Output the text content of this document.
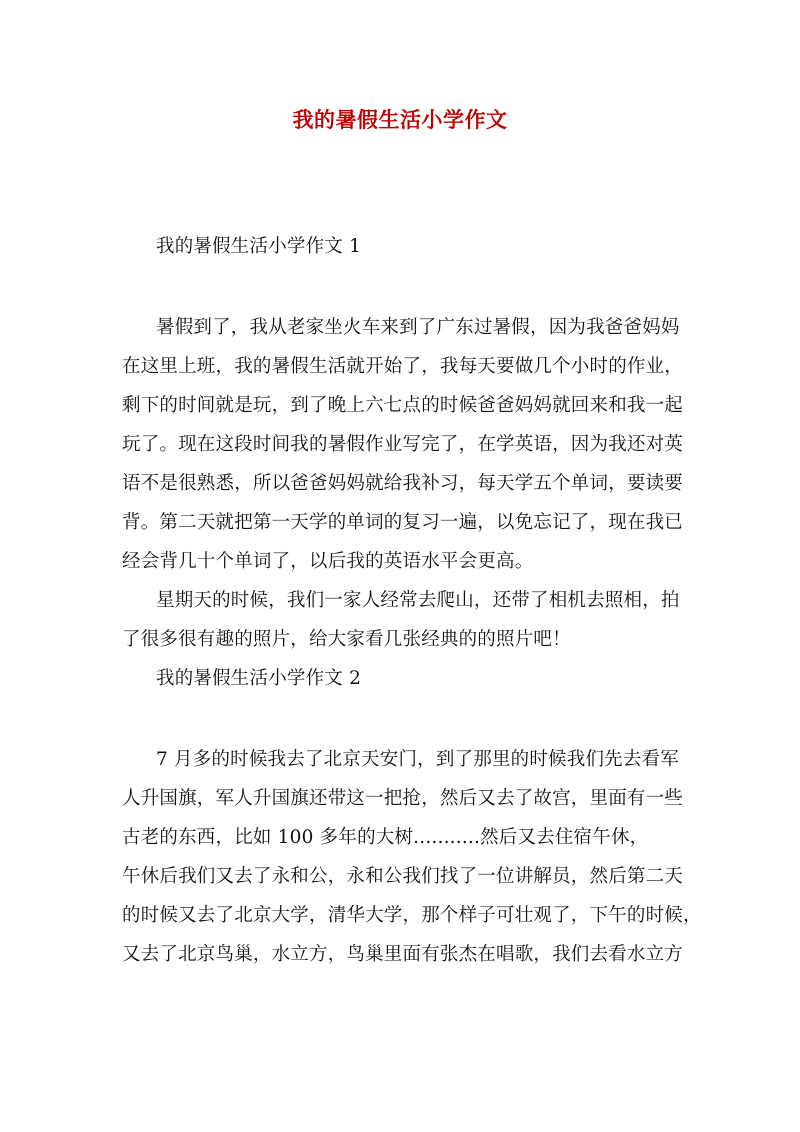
我的暑假生活小学作文
我的暑假生活小学作文 1
暑假到了，我从老家坐火车来到了广东过暑假，因为我爸爸妈妈
在这里上班，我的暑假生活就开始了，我每天要做几个小时的作业，
剩下的时间就是玩，到了晚上六七点的时候爸爸妈妈就回来和我一起
玩了。现在这段时间我的暑假作业写完了，在学英语，因为我还对英
语不是很熟悉，所以爸爸妈妈就给我补习，每天学五个单词，要读要
背。第二天就把第一天学的单词的复习一遍，以免忘记了，现在我已
经会背几十个单词了，以后我的英语水平会更高。
星期天的时候，我们一家人经常去爬山，还带了相机去照相，拍
了很多很有趣的照片，给大家看几张经典的的照片吧！
我的暑假生活小学作文 2
7 月多的时候我去了北京天安门，到了那里的时候我们先去看军
人升国旗，军人升国旗还带这一把抢，然后又去了故宫，里面有一些
古老的东西，比如 100 多年的大树...........然后又去住宿午休，
午休后我们又去了永和公，永和公我们找了一位讲解员，然后第二天
的时候又去了北京大学，清华大学，那个样子可壮观了，下午的时候，
又去了北京鸟巢，水立方，鸟巢里面有张杰在唱歌，我们去看水立方
